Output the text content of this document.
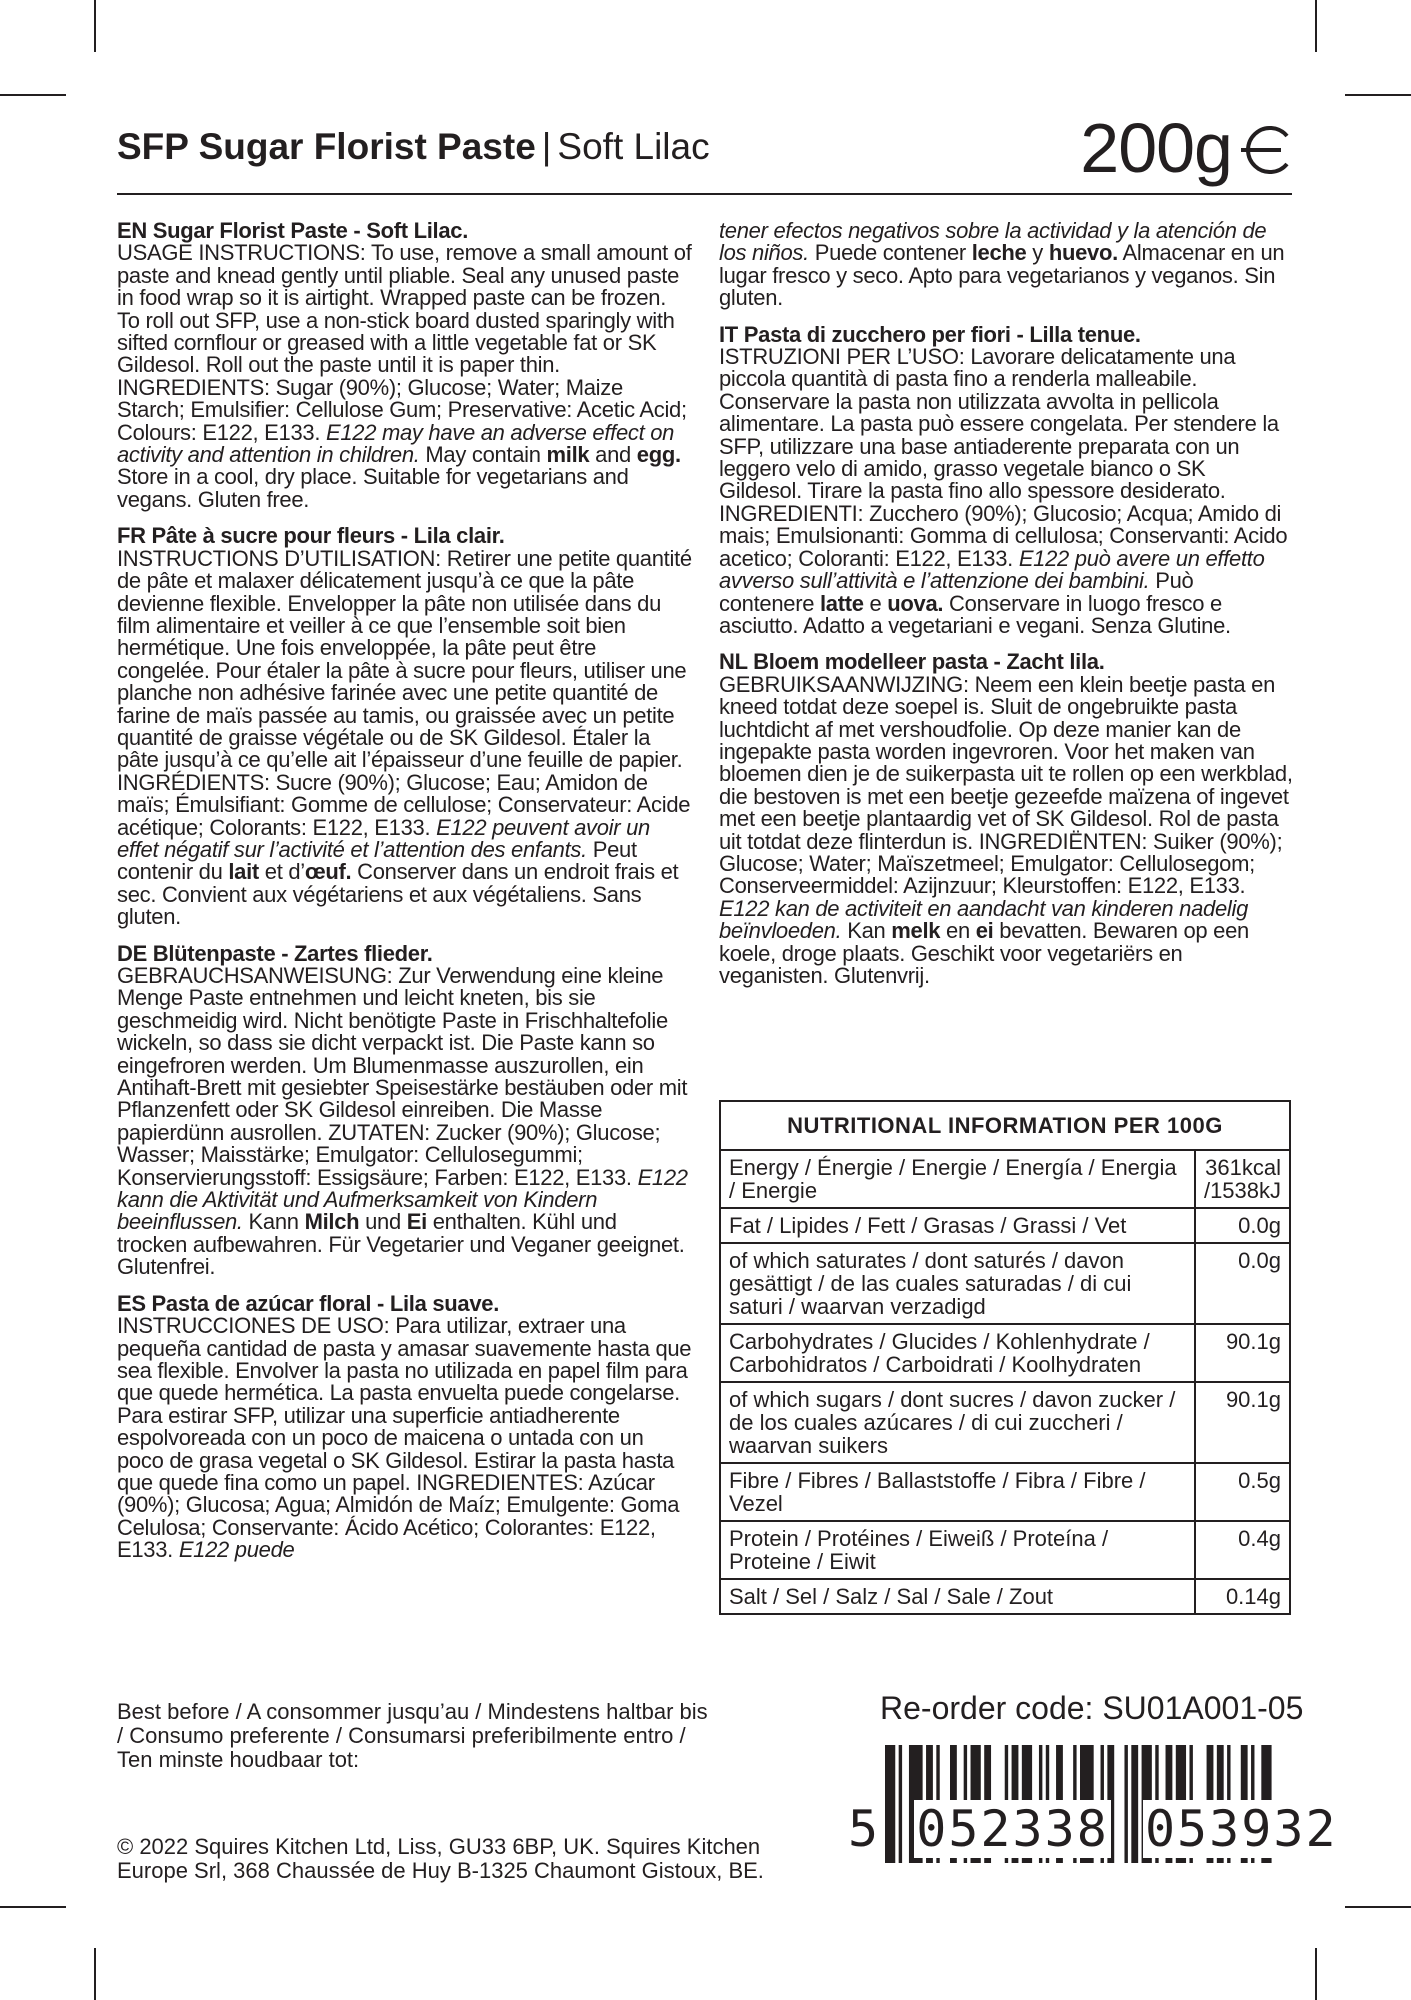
SFP Sugar Florist Paste | Soft Lilac	200g

EN Sugar Florist Paste - Soft Lilac.
USAGE INSTRUCTIONS: To use, remove a small amount of paste and knead gently until pliable. Seal any unused paste in food wrap so it is airtight. Wrapped paste can be frozen. To roll out SFP, use a non-stick board dusted sparingly with sifted cornflour or greased with a little vegetable fat or SK Gildesol. Roll out the paste until it is paper thin. INGREDIENTS: Sugar (90%); Glucose; Water; Maize Starch; Emulsifier: Cellulose Gum; Preservative: Acetic Acid; Colours: E122, E133. E122 may have an adverse effect on activity and attention in children. May contain milk and egg. Store in a cool, dry place. Suitable for vegetarians and vegans. Gluten free.

FR Pâte à sucre pour fleurs - Lila clair.
INSTRUCTIONS D’UTILISATION: Retirer une petite quantité de pâte et malaxer délicatement jusqu’à ce que la pâte devienne flexible. Envelopper la pâte non utilisée dans du film alimentaire et veiller à ce que l’ensemble soit bien hermétique. Une fois enveloppée, la pâte peut être congelée. Pour étaler la pâte à sucre pour fleurs, utiliser une planche non adhésive farinée avec une petite quantité de farine de maïs passée au tamis, ou graissée avec un petite quantité de graisse végétale ou de SK Gildesol. Étaler la pâte jusqu’à ce qu’elle ait l’épaisseur d’une feuille de papier. INGRÉDIENTS: Sucre (90%); Glucose; Eau; Amidon de maïs; Émulsifiant: Gomme de cellulose; Conservateur: Acide acétique; Colorants: E122, E133. E122 peuvent avoir un effet négatif sur l’activité et l’attention des enfants. Peut contenir du lait et d’œuf. Conserver dans un endroit frais et sec. Convient aux végétariens et aux végétaliens. Sans gluten.

DE Blütenpaste - Zartes flieder.
GEBRAUCHSANWEISUNG: Zur Verwendung eine kleine Menge Paste entnehmen und leicht kneten, bis sie geschmeidig wird. Nicht benötigte Paste in Frischhaltefolie wickeln, so dass sie dicht verpackt ist. Die Paste kann so eingefroren werden. Um Blumenmasse auszurollen, ein Antihaft-Brett mit gesiebter Speisestärke bestäuben oder mit Pflanzenfett oder SK Gildesol einreiben. Die Masse papierdünn ausrollen. ZUTATEN: Zucker (90%); Glucose; Wasser; Maisstärke; Emulgator: Cellulosegummi; Konservierungsstoff: Essigsäure; Farben: E122, E133. E122 kann die Aktivität und Aufmerksamkeit von Kindern beeinflussen. Kann Milch und Ei enthalten. Kühl und trocken aufbewahren. Für Vegetarier und Veganer geeignet. Glutenfrei.

ES Pasta de azúcar floral - Lila suave.
INSTRUCCIONES DE USO: Para utilizar, extraer una pequeña cantidad de pasta y amasar suavemente hasta que sea flexible. Envolver la pasta no utilizada en papel film para que quede hermética. La pasta envuelta puede congelarse. Para estirar SFP, utilizar una superficie antiadherente espolvoreada con un poco de maicena o untada con un poco de grasa vegetal o SK Gildesol. Estirar la pasta hasta que quede fina como un papel. INGREDIENTES: Azúcar (90%); Glucosa; Agua; Almidón de Maíz; Emulgente: Goma Celulosa; Conservante: Ácido Acético; Colorantes: E122, E133. E122 puede

tener efectos negativos sobre la actividad y la atención de los niños. Puede contener leche y huevo. Almacenar en un lugar fresco y seco. Apto para vegetarianos y veganos. Sin gluten.

IT Pasta di zucchero per fiori - Lilla tenue.
ISTRUZIONI PER L’USO: Lavorare delicatamente una piccola quantità di pasta fino a renderla malleabile. Conservare la pasta non utilizzata avvolta in pellicola alimentare. La pasta può essere congelata. Per stendere la SFP, utilizzare una base antiaderente preparata con un leggero velo di amido, grasso vegetale bianco o SK Gildesol. Tirare la pasta fino allo spessore desiderato. INGREDIENTI: Zucchero (90%); Glucosio; Acqua; Amido di mais; Emulsionanti: Gomma di cellulosa; Conservanti: Acido acetico; Coloranti: E122, E133. E122 può avere un effetto avverso sull’attività e l’attenzione dei bambini. Può contenere latte e uova. Conservare in luogo fresco e asciutto. Adatto a vegetariani e vegani. Senza Glutine.

NL Bloem modelleer pasta - Zacht lila.
GEBRUIKSAANWIJZING: Neem een klein beetje pasta en kneed totdat deze soepel is. Sluit de ongebruikte pasta luchtdicht af met vershoudfolie. Op deze manier kan de ingepakte pasta worden ingevroren. Voor het maken van bloemen dien je de suikerpasta uit te rollen op een werkblad, die bestoven is met een beetje gezeefde maïzena of ingevet met een beetje plantaardig vet of SK Gildesol. Rol de pasta uit totdat deze flinterdun is. INGREDIËNTEN: Suiker (90%); Glucose; Water; Maïszetmeel; Emulgator: Cellulosegom; Conserveermiddel: Azijnzuur; Kleurstoffen: E122, E133. E122 kan de activiteit en aandacht van kinderen nadelig beïnvloeden. Kan melk en ei bevatten. Bewaren op een koele, droge plaats. Geschikt voor vegetariërs en veganisten. Glutenvrij.

NUTRITIONAL INFORMATION PER 100G	
Energy / Énergie / Energie / Energía / Energia / Energie	361kcal /1538kJ
Fat / Lipides / Fett / Grasas / Grassi / Vet	0.0g
of which saturates / dont saturés / davon gesättigt / de las cuales saturadas / di cui saturi / waarvan verzadigd	0.0g
Carbohydrates / Glucides / Kohlenhydrate / Carbohidratos / Carboidrati / Koolhydraten	90.1g
of which sugars / dont sucres / davon zucker / de los cuales azúcares / di cui zuccheri / waarvan suikers	90.1g
Fibre / Fibres / Ballaststoffe / Fibra / Fibre / Vezel	0.5g
Protein / Protéines / Eiweiß / Proteína / Proteine / Eiwit	0.4g
Salt / Sel / Salz / Sal / Sale / Zout	0.14g
Best before / A consommer jusqu’au / Mindestens haltbar bis / Consumo preferente / Consumarsi preferibilmente entro / Ten minste houdbaar tot:
© 2022 Squires Kitchen Ltd, Liss, GU33 6BP, UK. Squires Kitchen Europe Srl, 368 Chaussée de Huy B-1325 Chaumont Gistoux, BE.
Re-order code: SU01A001-05
5 052338 053932
